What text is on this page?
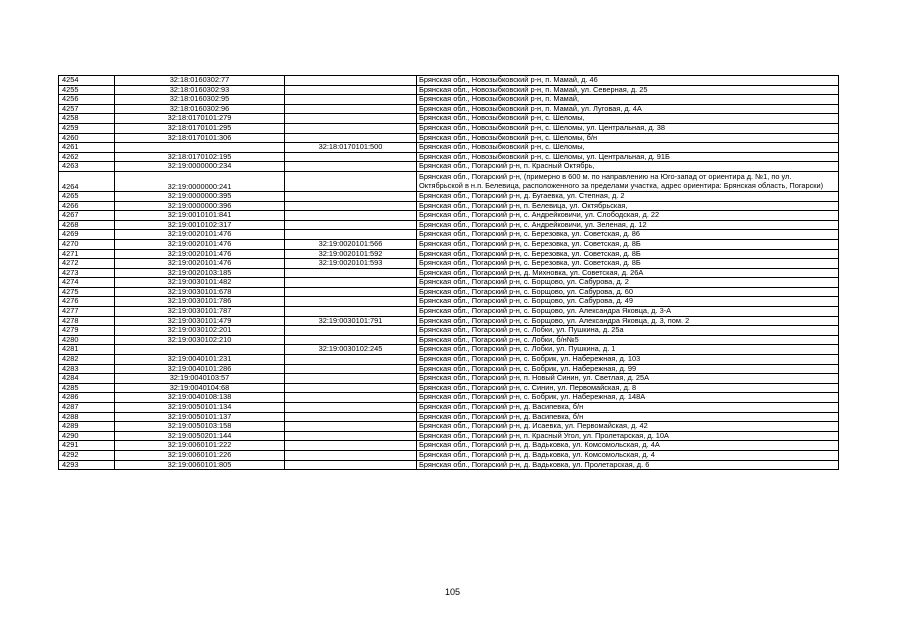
4254	32:18:0160302:77		Брянская обл., Новозыбковский р-н, п. Мамай, д. 46
4255	32:18:0160302:93		Брянская обл., Новозыбковский р-н, п. Мамай, ул. Северная, д. 25
4256	32:18:0160302:95		Брянская обл., Новозыбковский р-н, п. Мамай,
4257	32:18:0160302:96		Брянская обл., Новозыбковский р-н, п. Мамай, ул. Луговая, д. 4А
4258	32:18:0170101:279		Брянская обл., Новозыбковский р-н, с. Шеломы,
4259	32:18:0170101:295		Брянская обл., Новозыбковский р-н, с. Шеломы, ул. Центральная, д. 38
4260	32:18:0170101:306		Брянская обл., Новозыбковский р-н, с. Шеломы, б/н
4261		32:18:0170101:500	Брянская обл., Новозыбковский р-н, с. Шеломы,
4262	32:18:0170102:195		Брянская обл., Новозыбковский р-н, с. Шеломы, ул. Центральная, д. 91Б
4263	32:19:0000000:234		Брянская обл., Погарский р-н, п. Красный Октябрь,
4264	32:19:0000000:241		Брянская обл., Погарский р-н, (примерно в 600 м. по направлению на Юго-запад от ориентира д. №1, по ул. Октябрьской в н.п. Белевица, расположенного за пределами участка, адрес ориентира: Брянская область, Погарски)
4265	32:19:0000000:395		Брянская обл., Погарский р-н, д. Бугаевка, ул. Степная, д. 2
4266	32:19:0000000:396		Брянская обл., Погарский р-н, п. Белевица, ул. Октябрьская,
4267	32:19:0010101:841		Брянская обл., Погарский р-н, с. Андрейковичи, ул. Слободская, д. 22
4268	32:19:0010102:317		Брянская обл., Погарский р-н, с. Андрейковичи, ул. Зеленая, д. 12
4269	32:19:0020101:476		Брянская обл., Погарский р-н, с. Березовка, ул. Советская, д. 86
4270	32:19:0020101:476	32:19:0020101:566	Брянская обл., Погарский р-н, с. Березовка, ул. Советская, д. 8Б
4271	32:19:0020101:476	32:19:0020101:592	Брянская обл., Погарский р-н, с. Березовка, ул. Советская, д. 8Б
4272	32:19:0020101:476	32:19:0020101:593	Брянская обл., Погарский р-н, с. Березовка, ул. Советская, д. 8Б
4273	32:19:0020103:185		Брянская обл., Погарский р-н, д. Михновка, ул. Советская, д. 26А
4274	32:19:0030101:482		Брянская обл., Погарский р-н, с. Борщово, ул. Сабурова, д. 2
4275	32:19:0030101:678		Брянская обл., Погарский р-н, с. Борщово, ул. Сабурова, д. 60
4276	32:19:0030101:786		Брянская обл., Погарский р-н, с. Борщово, ул. Сабурова, д. 49
4277	32:19:0030101:787		Брянская обл., Погарский р-н, с. Борщово, ул. Александра Яковца, д. 3-А
4278	32:19:0030101:479	32:19:0030101:791	Брянская обл., Погарский р-н, с. Борщово, ул. Александра Яковца, д. 3, пом. 2
4279	32:19:0030102:201		Брянская обл., Погарский р-н, с. Лобки, ул. Пушкина, д. 25а
4280	32:19:0030102:210		Брянская обл., Погарский р-н, с. Лобки, б/н№5
4281		32:19:0030102:245	Брянская обл., Погарский р-н, с. Лобки, ул. Пушкина, д. 1
4282	32:19:0040101:231		Брянская обл., Погарский р-н, с. Бобрик, ул. Набережная, д. 103
4283	32:19:0040101:286		Брянская обл., Погарский р-н, с. Бобрик, ул. Набережная, д. 99
4284	32:19:0040103:57		Брянская обл., Погарский р-н, п. Новый Синин, ул. Светлая, д. 25А
4285	32:19:0040104:68		Брянская обл., Погарский р-н, с. Синин, ул. Первомайская, д. 8
4286	32:19:0040108:138		Брянская обл., Погарский р-н, с. Бобрик, ул. Набережная, д. 148А
4287	32:19:0050101:134		Брянская обл., Погарский р-н, д. Васипевка, б/н
4288	32:19:0050101:137		Брянская обл., Погарский р-н, д. Васипевка, б/н
4289	32:19:0050103:158		Брянская обл., Погарский р-н, д. Исаевка, ул. Первомайская, д. 42
4290	32:19:0050201:144		Брянская обл., Погарский р-н, п. Красный Угол, ул. Пролетарская, д. 10А
4291	32:19:0060101:222		Брянская обл., Погарский р-н, д. Вадьковка, ул. Комсомольская, д. 4А
4292	32:19:0060101:226		Брянская обл., Погарский р-н, д. Вадьковка, ул. Комсомольская, д. 4
4293	32:19:0060101:805		Брянская обл., Погарский р-н, д. Вадьковка, ул. Пролетарская, д. 6
105
